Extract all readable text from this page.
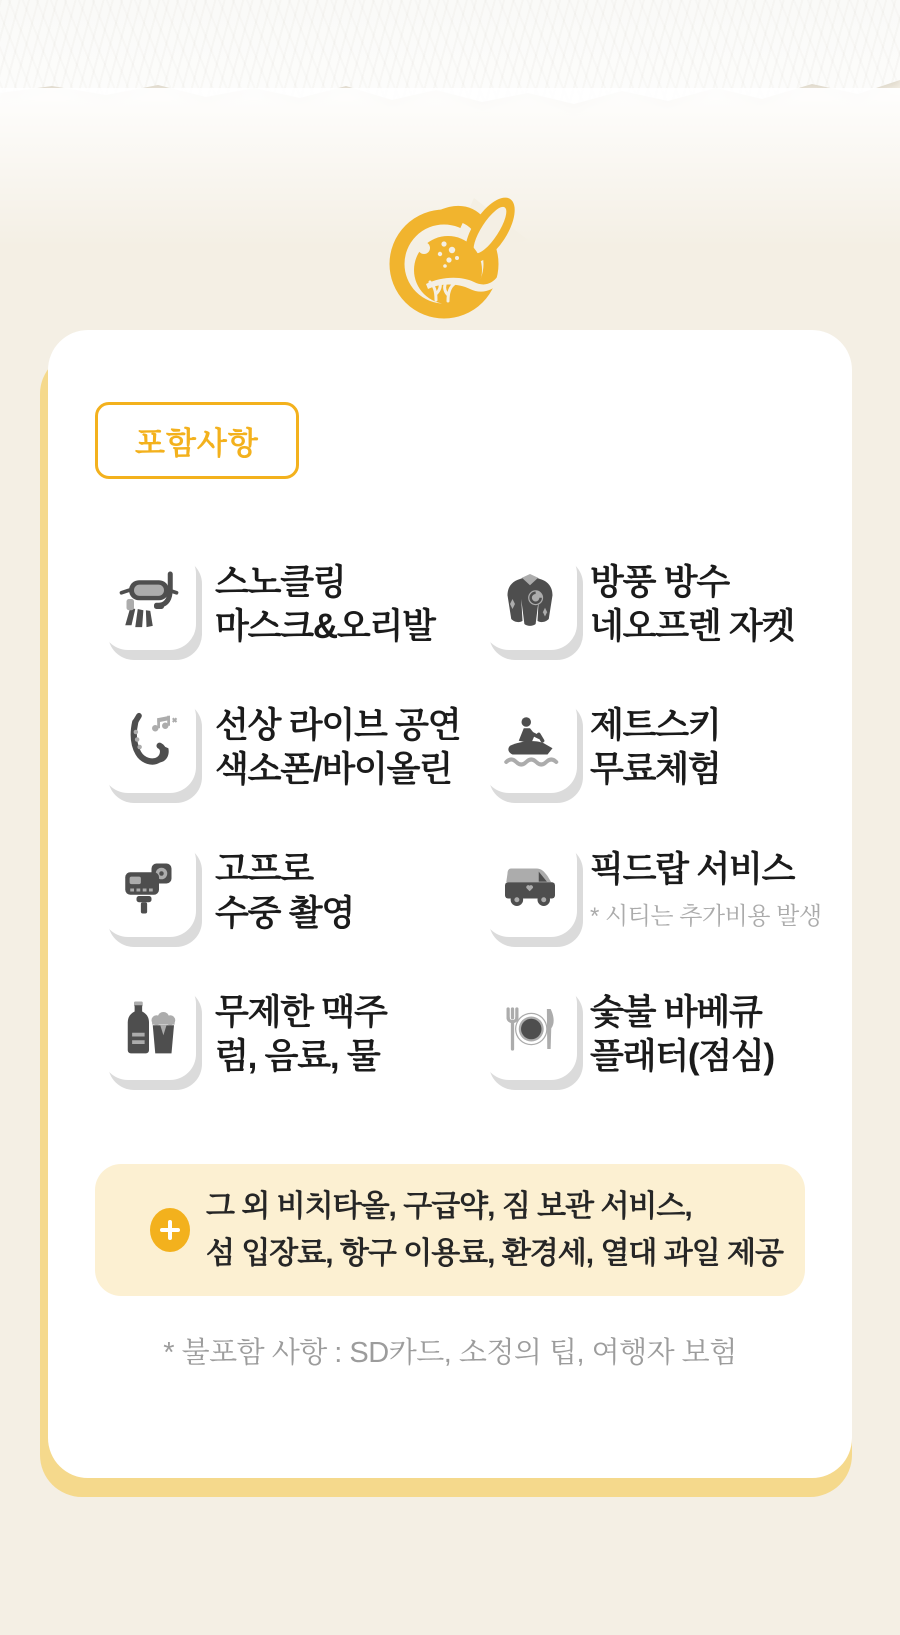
포함사항
스노클링
마스크&오리발
방풍 방수
네오프렌 자켓
선상 라이브 공연
색소폰/바이올린
제트스키
무료체험
고프로
수중 촬영
픽드랍 서비스
* 시티는 추가비용 발생
무제한 맥주
럼, 음료, 물
숯불 바베큐
플래터(점심)
그 외 비치타올, 구급약, 짐 보관 서비스,
섬 입장료, 항구 이용료, 환경세, 열대 과일 제공
* 불포함 사항 : SD카드, 소정의 팁, 여행자 보험
